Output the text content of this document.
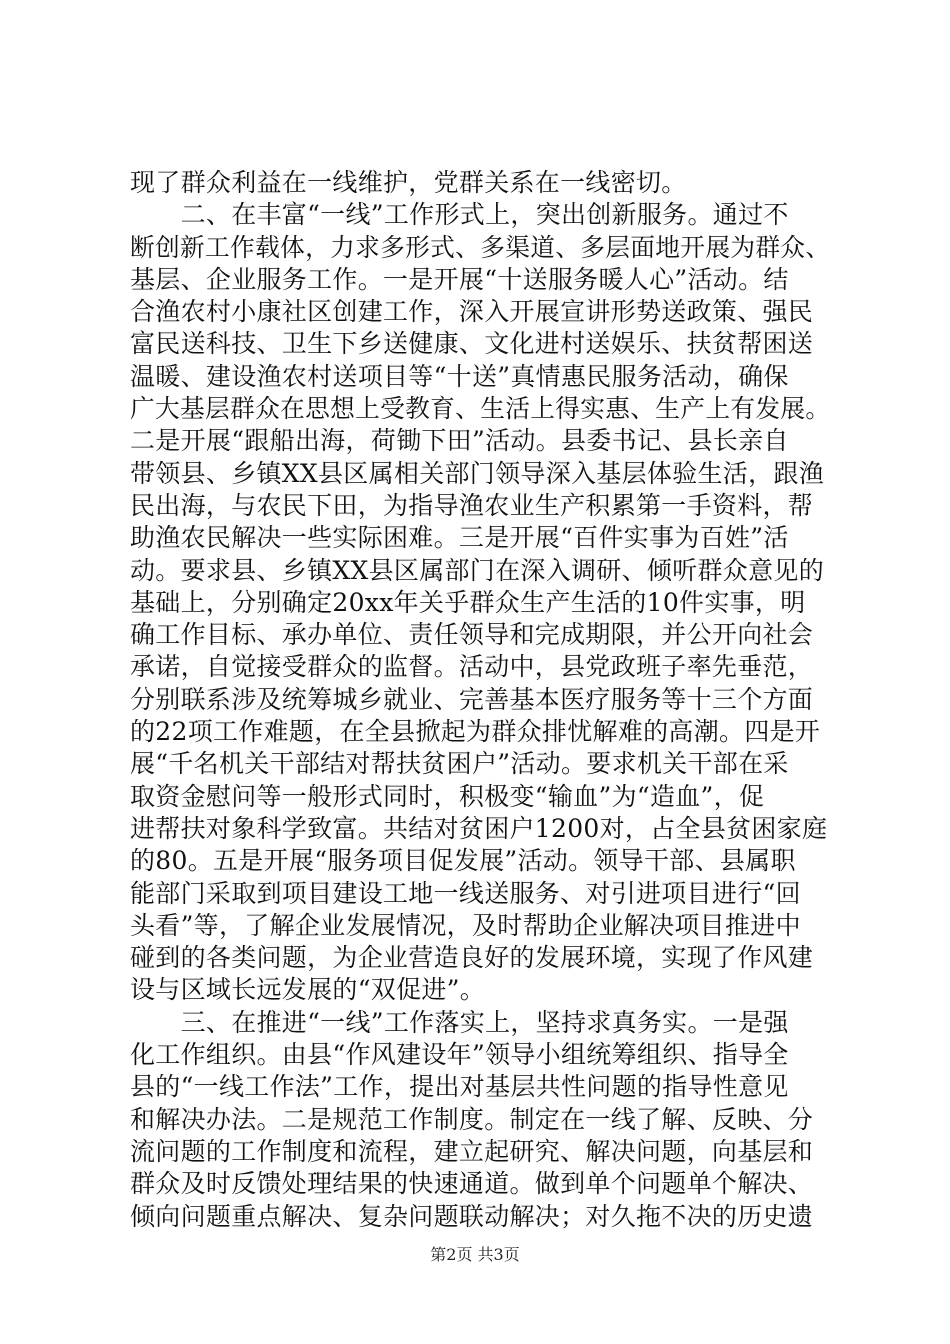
现了群众利益在一线维护，党群关系在一线密切。
　　二、在丰富“一线”工作形式上，突出创新服务。通过不
断创新工作载体，力求多形式、多渠道、多层面地开展为群众、
基层、企业服务工作。一是开展“十送服务暖人心”活动。结
合渔农村小康社区创建工作，深入开展宣讲形势送政策、强民
富民送科技、卫生下乡送健康、文化进村送娱乐、扶贫帮困送
温暖、建设渔农村送项目等“十送”真情惠民服务活动，确保
广大基层群众在思想上受教育、生活上得实惠、生产上有发展。
二是开展“跟船出海，荷锄下田”活动。县委书记、县长亲自
带领县、乡镇XX县区属相关部门领导深入基层体验生活，跟渔
民出海，与农民下田，为指导渔农业生产积累第一手资料，帮
助渔农民解决一些实际困难。三是开展“百件实事为百姓”活
动。要求县、乡镇XX县区属部门在深入调研、倾听群众意见的
基础上，分别确定20xx年关乎群众生产生活的10件实事，明
确工作目标、承办单位、责任领导和完成期限，并公开向社会
承诺，自觉接受群众的监督。活动中，县党政班子率先垂范，
分别联系涉及统筹城乡就业、完善基本医疗服务等十三个方面
的22项工作难题，在全县掀起为群众排忧解难的高潮。四是开
展“千名机关干部结对帮扶贫困户”活动。要求机关干部在采
取资金慰问等一般形式同时，积极变“输血”为“造血”，促
进帮扶对象科学致富。共结对贫困户1200对，占全县贫困家庭
的80。五是开展“服务项目促发展”活动。领导干部、县属职
能部门采取到项目建设工地一线送服务、对引进项目进行“回
头看”等，了解企业发展情况，及时帮助企业解决项目推进中
碰到的各类问题，为企业营造良好的发展环境，实现了作风建
设与区域长远发展的“双促进”。
　　三、在推进“一线”工作落实上，坚持求真务实。一是强
化工作组织。由县“作风建设年”领导小组统筹组织、指导全
县的“一线工作法”工作，提出对基层共性问题的指导性意见
和解决办法。二是规范工作制度。制定在一线了解、反映、分
流问题的工作制度和流程，建立起研究、解决问题，向基层和
群众及时反馈处理结果的快速通道。做到单个问题单个解决、
倾向问题重点解决、复杂问题联动解决；对久拖不决的历史遗
第2页 共3页
